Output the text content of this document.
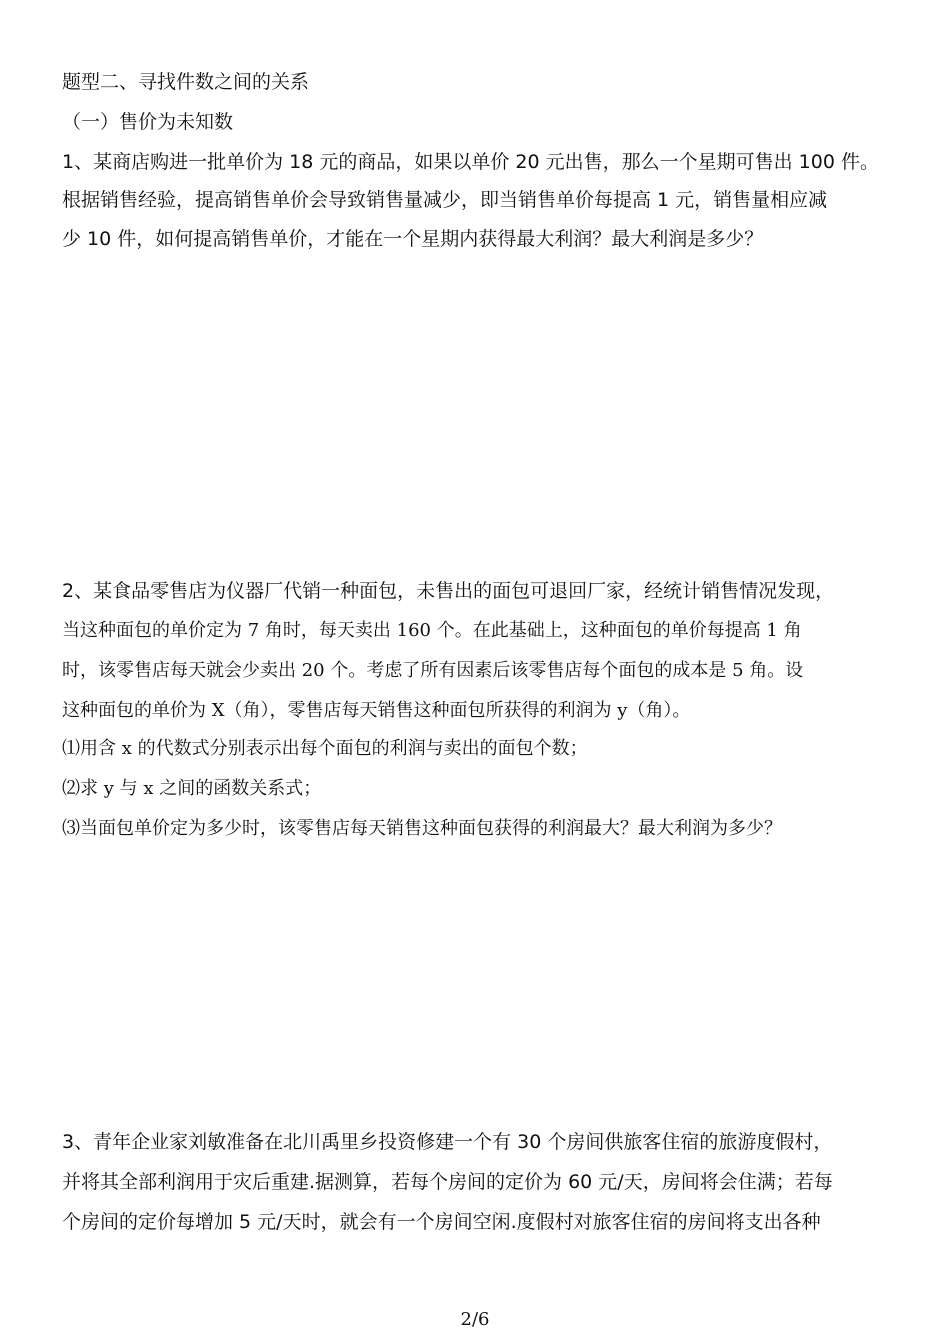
题型二、寻找件数之间的关系
（一）售价为未知数
1、某商店购进一批单价为 18 元的商品，如果以单价 20 元出售，那么一个星期可售出 100 件。
根据销售经验，提高销售单价会导致销售量减少，即当销售单价每提高 1 元，销售量相应减
少 10 件，如何提高销售单价，才能在一个星期内获得最大利润？最大利润是多少？
2、某食品零售店为仪器厂代销一种面包，未售出的面包可退回厂家，经统计销售情况发现，
当这种面包的单价定为 7 角时，每天卖出 160 个。在此基础上，这种面包的单价每提高 1 角
时，该零售店每天就会少卖出 20 个。考虑了所有因素后该零售店每个面包的成本是 5 角。设
这种面包的单价为 X（角），零售店每天销售这种面包所获得的利润为 y（角）。
⑴用含 x 的代数式分别表示出每个面包的利润与卖出的面包个数；
⑵求 y 与 x 之间的函数关系式；
⑶当面包单价定为多少时，该零售店每天销售这种面包获得的利润最大？最大利润为多少？
3、青年企业家刘敏准备在北川禹里乡投资修建一个有 30 个房间供旅客住宿的旅游度假村，
并将其全部利润用于灾后重建.据测算，若每个房间的定价为 60 元/天，房间将会住满；若每
个房间的定价每增加 5 元/天时，就会有一个房间空闲.度假村对旅客住宿的房间将支出各种
2/6
